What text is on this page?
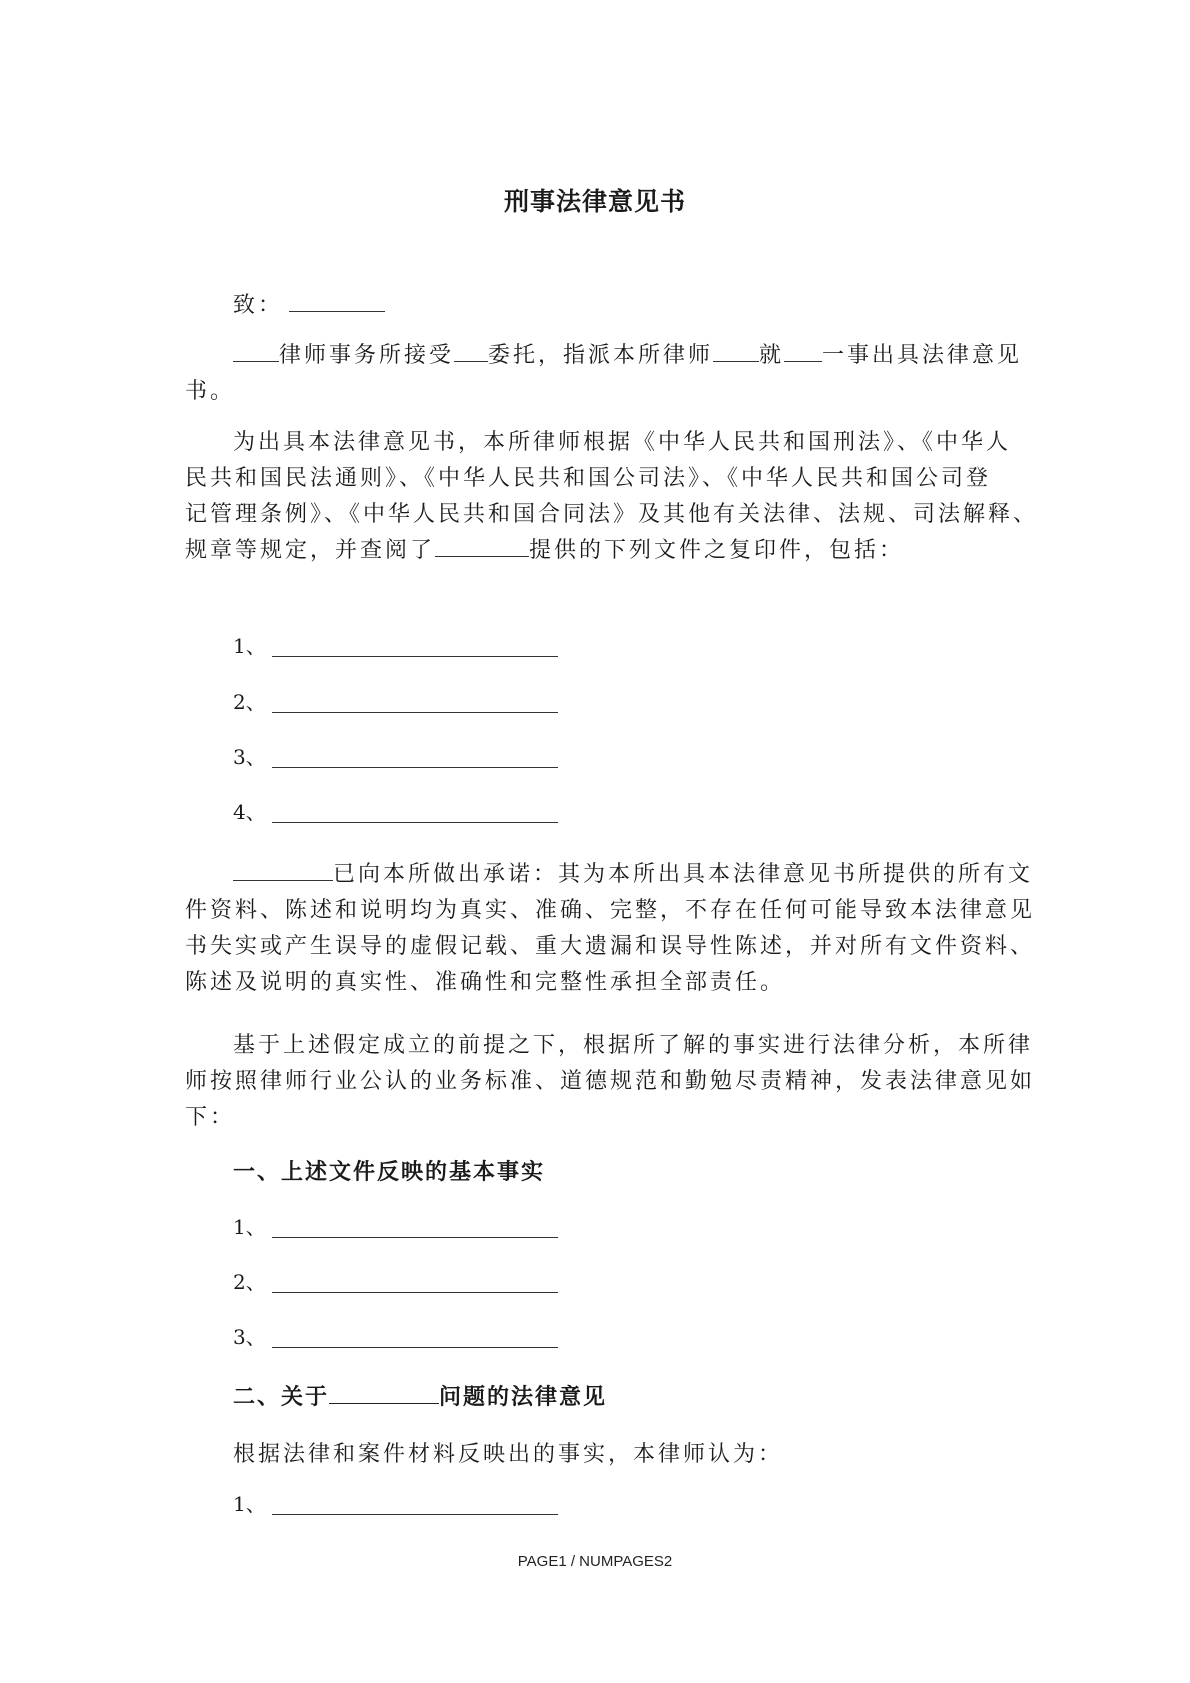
刑事法律意见书
致：
律师事务所接受 委托，指派本所律师 就 一事出具法律意见
书。
为出具本法律意见书，本所律师根据《中华人民共和国刑法》、《中华人
民共和国民法通则》、《中华人民共和国公司法》、《中华人民共和国公司登
记管理条例》、《中华人民共和国合同法》及其他有关法律、法规、司法解释、
规章等规定，并查阅了	提供的下列文件之复印件，包括：
1、
2、
3、
4、
已向本所做出承诺：其为本所出具本法律意见书所提供的所有文
件资料、陈述和说明均为真实、准确、完整，不存在任何可能导致本法律意见
书失实或产生误导的虚假记载、重大遗漏和误导性陈述，并对所有文件资料、
陈述及说明的真实性、准确性和完整性承担全部责任。
基于上述假定成立的前提之下，根据所了解的事实进行法律分析，本所律
师按照律师行业公认的业务标准、道德规范和勤勉尽责精神，发表法律意见如
下：
一、上述文件反映的基本事实
1、
2、
3、
二、关于	问题的法律意见
根据法律和案件材料反映出的事实，本律师认为：
1、
PAGE1 / NUMPAGES2
